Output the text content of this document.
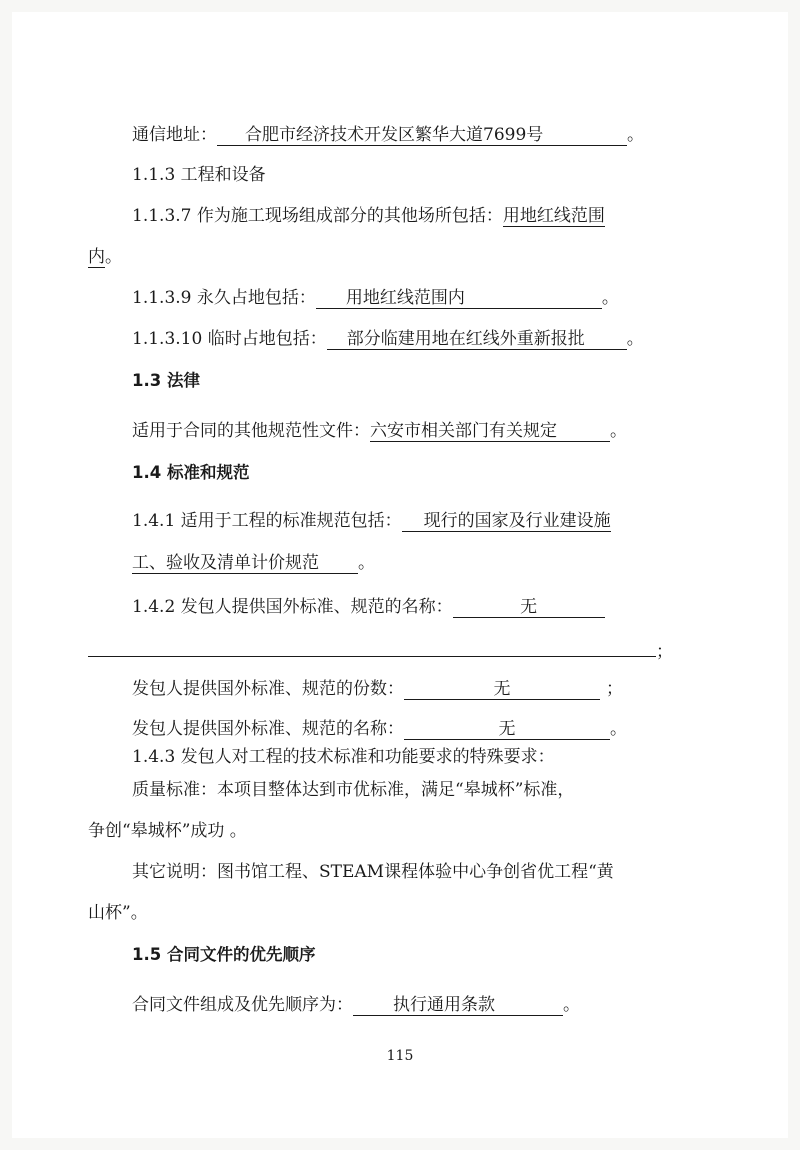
通信地址： 合肥市经济技术开发区繁华大道7699号	。
1.1.3 工程和设备
1.1.3.7 作为施工现场组成部分的其他场所包括：用地红线范围
内。
1.1.3.9 永久占地包括： 用地红线范围内	。
1.1.3.10 临时占地包括： 部分临建用地在红线外重新报批 。
1.3 法律
适用于合同的其他规范性文件：六安市相关部门有关规定	。
1.4 标准和规范
1.4.1 适用于工程的标准规范包括： 现行的国家及行业建设施
工、验收及清单计价规范 。
1.4.2 发包人提供国外标准、规范的名称：	无
；
发包人提供国外标准、规范的份数：	无	；
发包人提供国外标准、规范的名称：	无	。
1.4.3 发包人对工程的技术标准和功能要求的特殊要求：
质量标准：本项目整体达到市优标准，满足“皋城杯”标准，
争创“皋城杯”成功 。
其它说明：图书馆工程、STEAM课程体验中心争创省优工程“黄
山杯”。
1.5 合同文件的优先顺序
合同文件组成及优先顺序为： 执行通用条款	。
115
